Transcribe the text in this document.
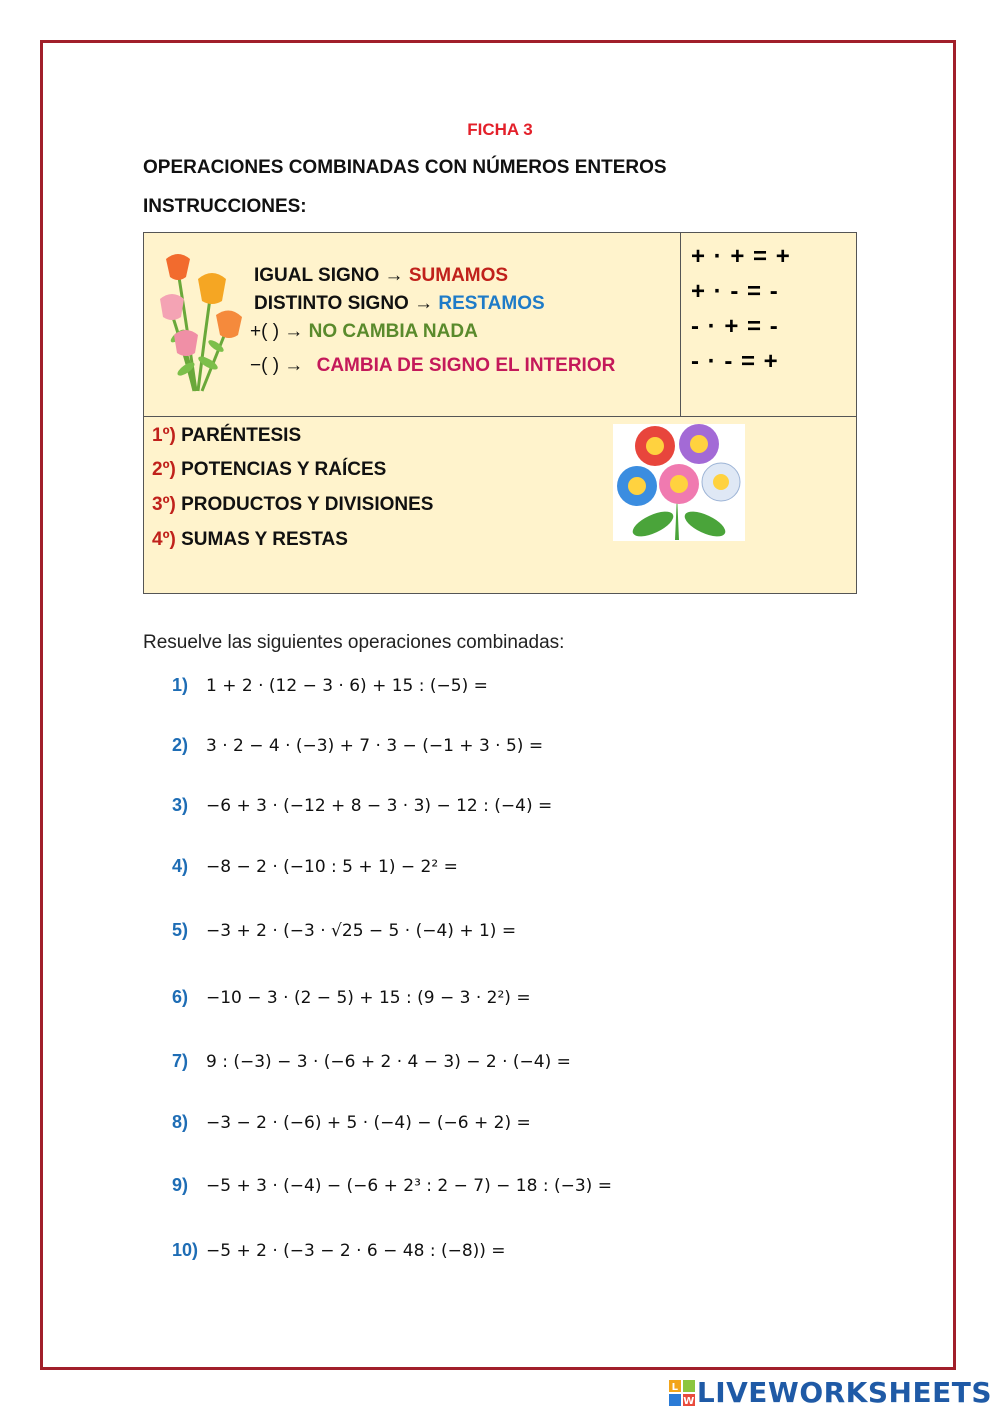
FICHA 3
OPERACIONES COMBINADAS CON NÚMEROS ENTEROS
INSTRUCCIONES:
IGUAL SIGNO → SUMAMOS
DISTINTO SIGNO → RESTAMOS
+( ) → NO CAMBIA NADA
−( ) → CAMBIA DE SIGNO EL INTERIOR
+ · + = +
+ · - = -
- · + = -
- · - = +
1º) PARÉNTESIS
2º) POTENCIAS Y RAÍCES
3º) PRODUCTOS Y DIVISIONES
4º) SUMAS Y RESTAS
Resuelve las siguientes operaciones combinadas:
1)	1 + 2 · (12 − 3 · 6) + 15 : (−5) =
2)	3 · 2 − 4 · (−3) + 7 · 3 − (−1 + 3 · 5) =
3)	−6 + 3 · (−12 + 8 − 3 · 3) − 12 : (−4) =
4)	−8 − 2 · (−10 : 5 + 1) − 2² =
5)	−3 + 2 · (−3 · √25 − 5 · (−4) + 1) =
6)	−10 − 3 · (2 − 5) + 15 : (9 − 3 · 2²) =
7)	9 : (−3) − 3 · (−6 + 2 · 4 − 3) − 2 · (−4) =
8)	−3 − 2 · (−6) + 5 · (−4) − (−6 + 2) =
9)	−5 + 3 · (−4) − (−6 + 2³ : 2 − 7) − 18 : (−3) =
10) −5 + 2 · (−3 − 2 · 6 − 48 : (−8)) =
L
W LIVEWORKSHEETS
